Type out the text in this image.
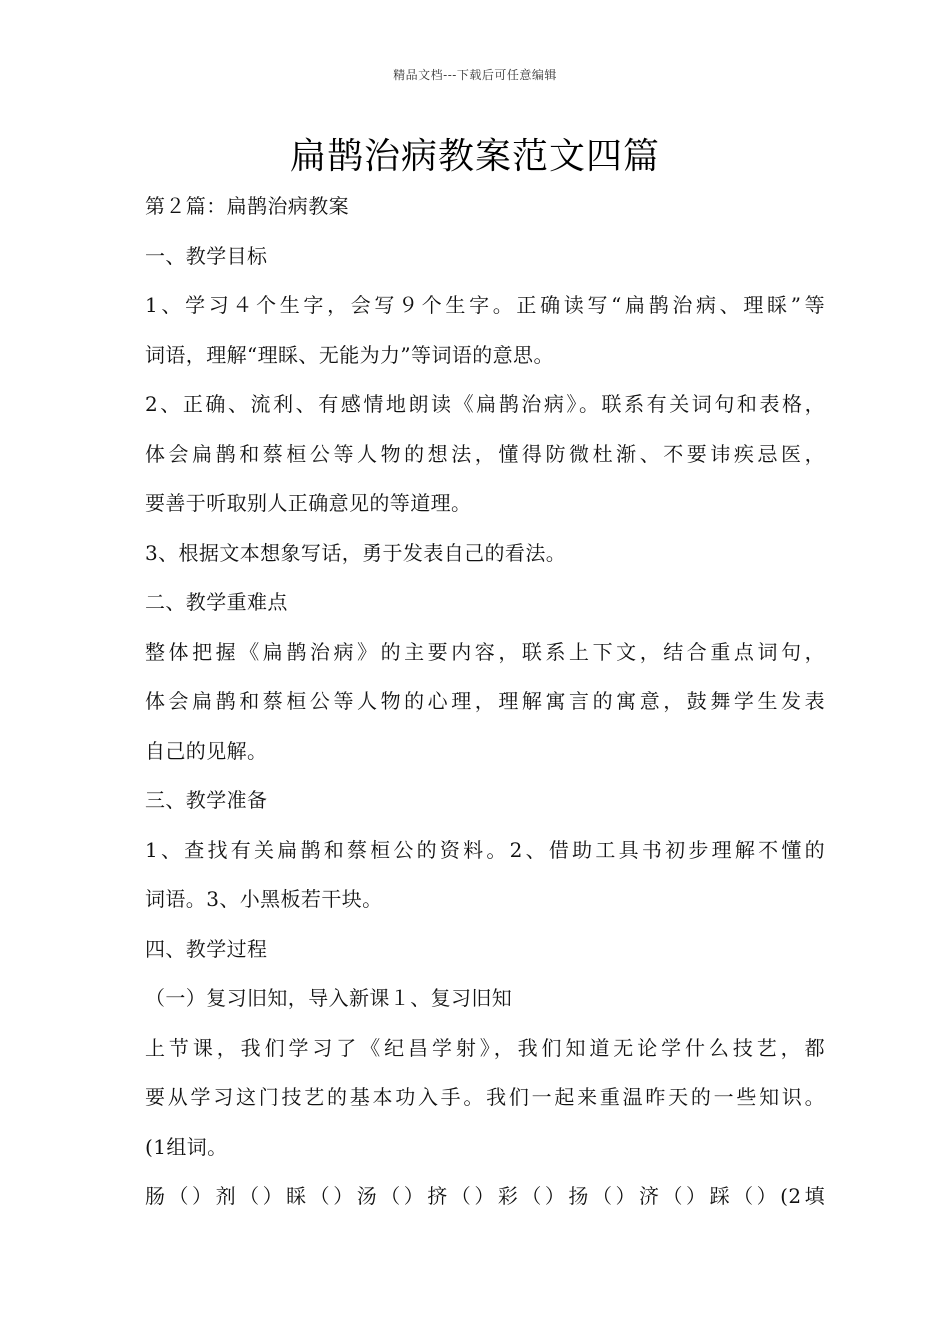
精品文档---下载后可任意编辑
扁鹊治病教案范文四篇
第２篇：扁鹊治病教案
一、教学目标
1、学习４个生字，会写９个生字。正确读写“扁鹊治病、理睬”等
词语，理解“理睬、无能为力”等词语的意思。
2、正确、流利、有感情地朗读《扁鹊治病》。联系有关词句和表格，
体会扁鹊和蔡桓公等人物的想法，懂得防微杜渐、不要讳疾忌医，
要善于听取别人正确意见的等道理。
3、根据文本想象写话，勇于发表自己的看法。
二、教学重难点
整体把握《扁鹊治病》的主要内容，联系上下文，结合重点词句，
体会扁鹊和蔡桓公等人物的心理，理解寓言的寓意，鼓舞学生发表
自己的见解。
三、教学准备
1、查找有关扁鹊和蔡桓公的资料。2、借助工具书初步理解不懂的
词语。3、小黑板若干块。
四、教学过程
（一）复习旧知，导入新课１、复习旧知
上节课，我们学习了《纪昌学射》，我们知道无论学什么技艺，都
要从学习这门技艺的基本功入手。我们一起来重温昨天的一些知识。
(1组词。
肠（）剂（）睬（）汤（）挤（）彩（）扬（）济（）踩（）(2填
